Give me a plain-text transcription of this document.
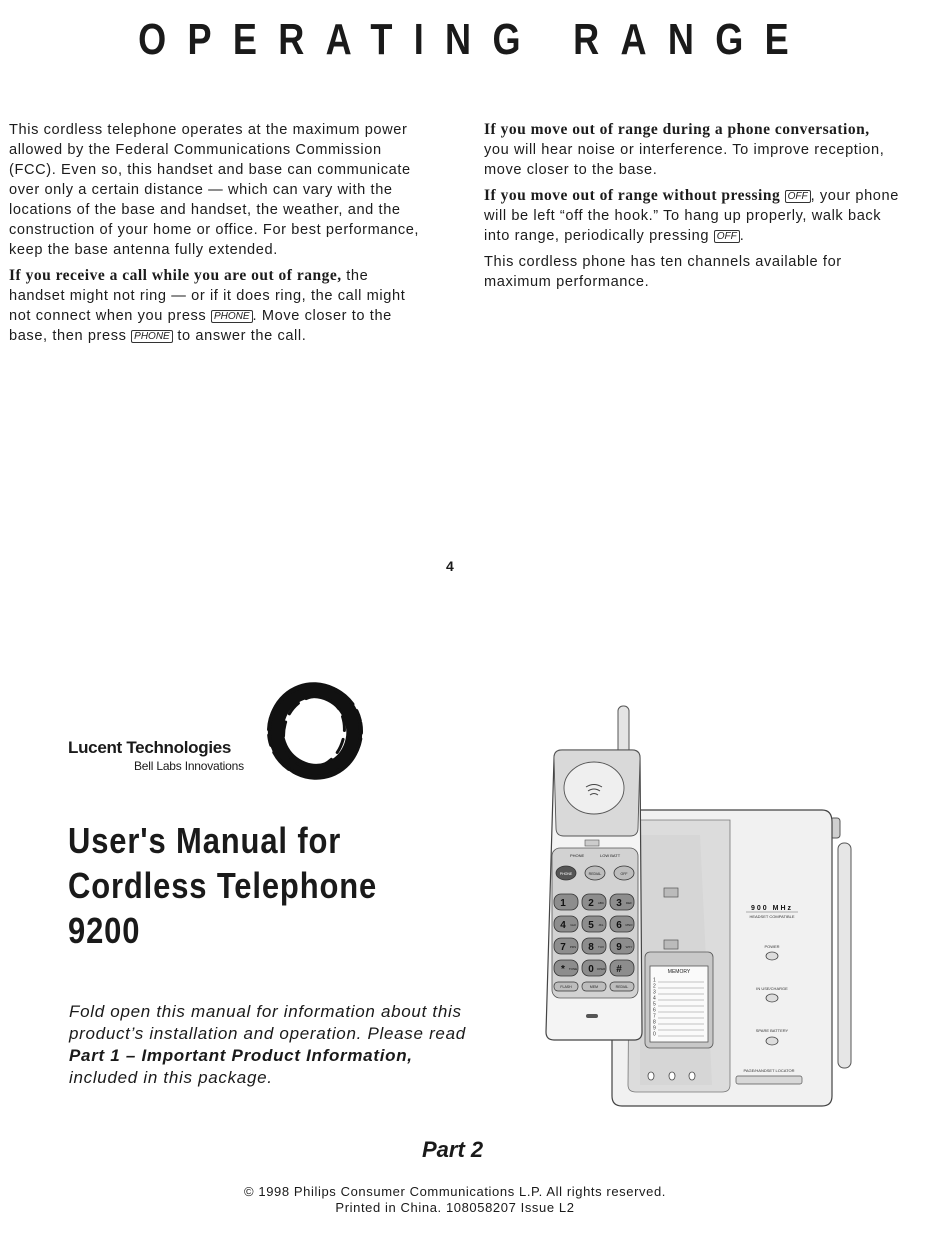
OPERATING RANGE

This cordless telephone operates at the maximum power allowed by the Federal Communications Commission (FCC). Even so, this handset and base can communicate over only a certain distance — which can vary with the locations of the base and handset, the weather, and the construction of your home or office. For best performance, keep the base antenna fully extended.

If you receive a call while you are out of range, the handset might not ring — or if it does ring, the call might not connect when you press PHONE . Move closer to the base, then press PHONE to answer the call.

If you move out of range during a phone conversation, you will hear noise or interference. To improve reception, move closer to the base.

If you move out of range without pressing OFF , your phone will be left “off the hook.” To hang up properly, walk back into range, periodically pressing OFF .

This cordless phone has ten channels available for maximum performance.

4
Lucent Technologies
Bell Labs Innovations
User's Manual for
Cordless Telephone
9200
Fold open this manual for information about this product’s installation and operation. Please read Part 1 – Important Product Information, included in this package.
MEMORY
1
2
3
4
5
6
7
8
9
0
900 MHz
HEADSET COMPATIBLE
POWER
IN USE/CHARGE
SPARE BATTERY
PAGE/HANDSET LOCATOR
PHONE	LOW BATT
PHONE	REDIAL	OFF
1 2 ABC 3 DEF
4 GHI 5 JKL 6 MNO
7 PRS 8 TUV 9 WXY
* TONE 0 OPER #
FLASH	MEM	REDIAL
Part 2
© 1998 Philips Consumer Communications L.P. All rights reserved.
Printed in China. 108058207 Issue L2
